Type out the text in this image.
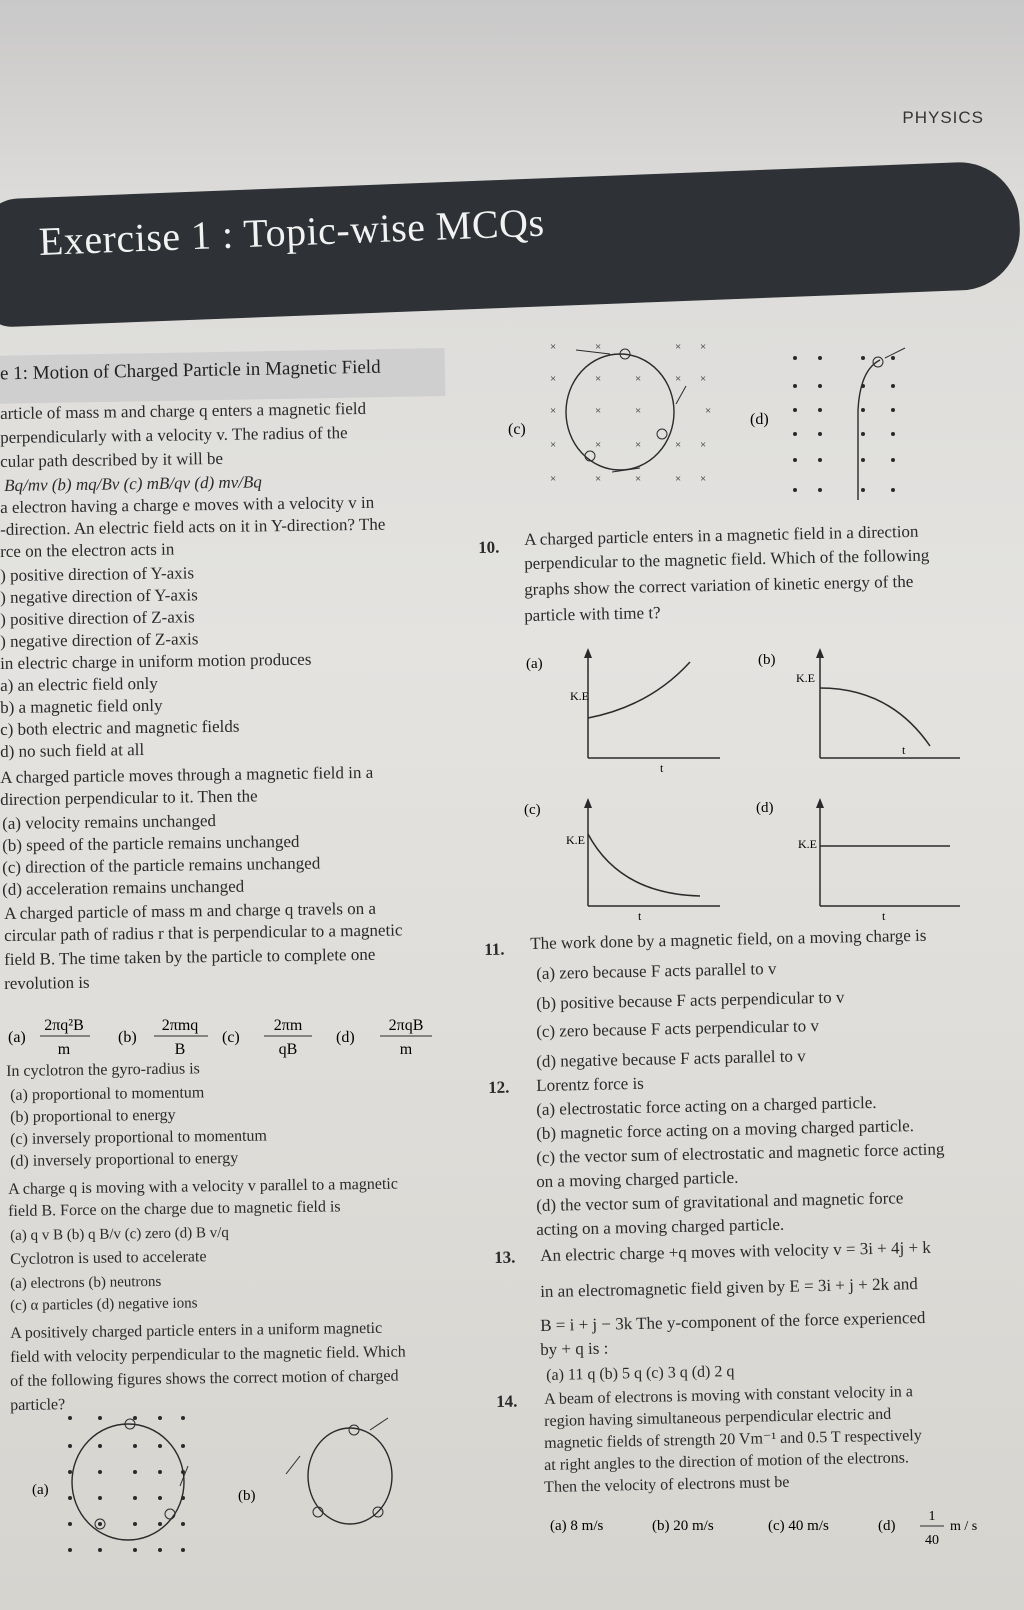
PHYSICS
Exercise 1 : Topic-wise MCQs
e 1: Motion of Charged Particle in Magnetic Field
article of mass m and charge q enters a magnetic field
perpendicularly with a velocity v. The radius of the
cular path described by it will be
Bq/mv (b) mq/Bv (c) mB/qv (d) mv/Bq
a electron having a charge e moves with a velocity v in
-direction. An electric field acts on it in Y-direction? The
rce on the electron acts in
) positive direction of Y-axis
) negative direction of Y-axis
) positive direction of Z-axis
) negative direction of Z-axis
in electric charge in uniform motion produces
a) an electric field only
b) a magnetic field only
c) both electric and magnetic fields
d) no such field at all
A charged particle moves through a magnetic field in a
direction perpendicular to it. Then the
(a) velocity remains unchanged
(b) speed of the particle remains unchanged
(c) direction of the particle remains unchanged
(d) acceleration remains unchanged
A charged particle of mass m and charge q travels on a
circular path of radius r that is perpendicular to a magnetic
field B. The time taken by the particle to complete one
revolution is
(a)
2πq²B
m
(b)
2πmq
B
(c)
2πm
qB
(d)
2πqB
m
In cyclotron the gyro-radius is
(a) proportional to momentum
(b) proportional to energy
(c) inversely proportional to momentum
(d) inversely proportional to energy
A charge q is moving with a velocity v parallel to a magnetic
field B. Force on the charge due to magnetic field is
(a) q v B (b) q B/v (c) zero (d) B v/q
Cyclotron is used to accelerate
(a) electrons (b) neutrons
(c) α particles (d) negative ions
A positively charged particle enters in a uniform magnetic
field with velocity perpendicular to the magnetic field. Which
of the following figures shows the correct motion of charged
particle?
(a)	(b)
(c)
×	×	× ×
×	×	×	× ×
×	×	×	×
×	×	×	× ×
×	×	×	× ×
(d)
10. A charged particle enters in a magnetic field in a direction
perpendicular to the magnetic field. Which of the following
graphs show the correct variation of kinetic energy of the
particle with time t?
(a)
K.E
t
(b)
K.E
t
(c)
K.E
t
(d)
K.E
t
11. The work done by a magnetic field, on a moving charge is
(a) zero because F acts parallel to v
(b) positive because F acts perpendicular to v
(c) zero because F acts perpendicular to v
(d) negative because F acts parallel to v
12. Lorentz force is
(a) electrostatic force acting on a charged particle.
(b) magnetic force acting on a moving charged particle.
(c) the vector sum of electrostatic and magnetic force acting
on a moving charged particle.
(d) the vector sum of gravitational and magnetic force
acting on a moving charged particle.
13. An electric charge +q moves with velocity v = 3i + 4j + k
in an electromagnetic field given by E = 3i + j + 2k and
B = i + j − 3k The y-component of the force experienced
by + q is :
(a) 11 q (b) 5 q (c) 3 q (d) 2 q
14. A beam of electrons is moving with constant velocity in a
region having simultaneous perpendicular electric and
magnetic fields of strength 20 Vm⁻¹ and 0.5 T respectively
at right angles to the direction of motion of the electrons.
Then the velocity of electrons must be
(a) 8 m/s	(b) 20 m/s	(c) 40 m/s	(d)
1
40
m / s
